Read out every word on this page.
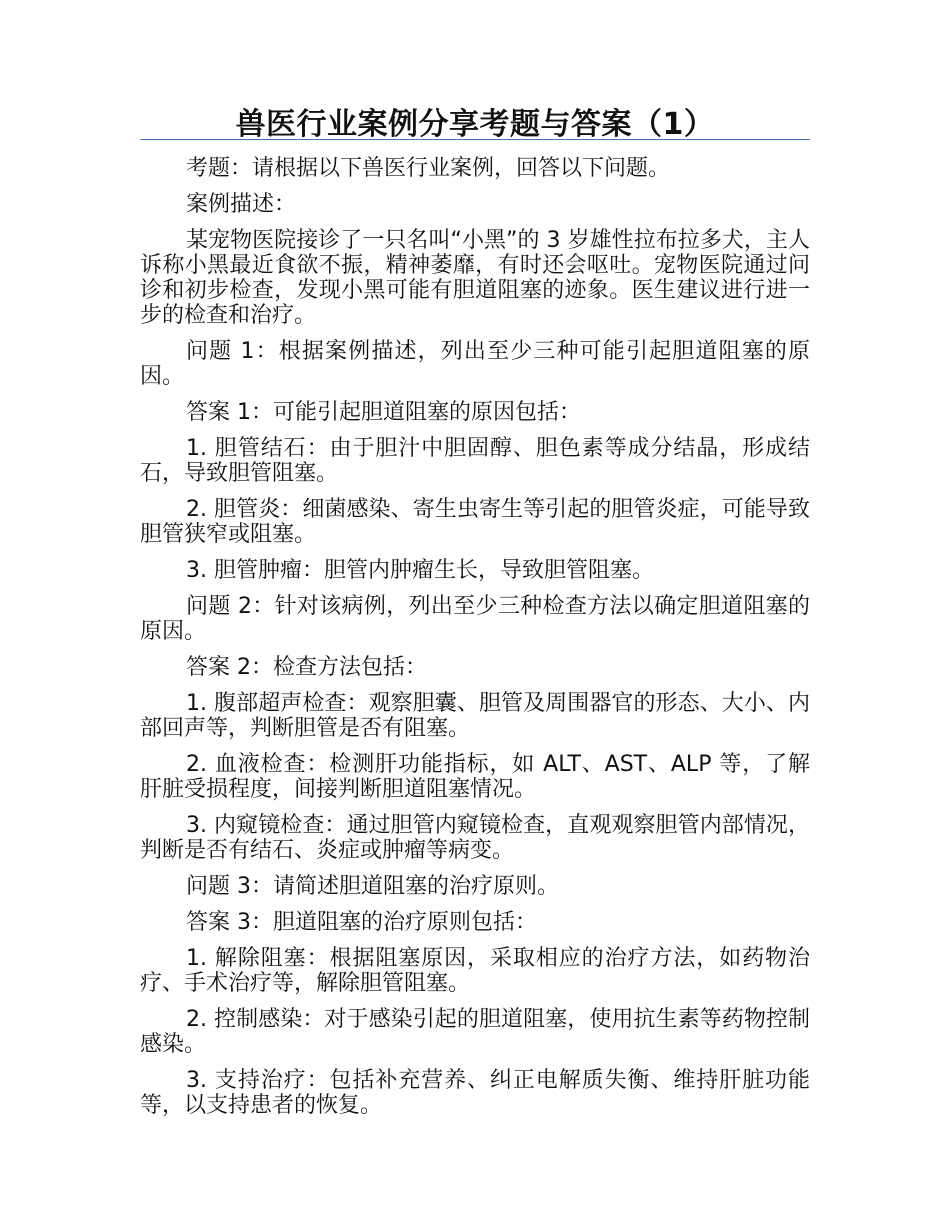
兽医行业案例分享考题与答案（1）

考题：请根据以下兽医行业案例，回答以下问题。

案例描述：

某宠物医院接诊了一只名叫“小黑”的 3 岁雄性拉布拉多犬，主人诉称小黑最近食欲不振，精神萎靡，有时还会呕吐。宠物医院通过问诊和初步检查，发现小黑可能有胆道阻塞的迹象。医生建议进行进一步的检查和治疗。

问题 1：根据案例描述，列出至少三种可能引起胆道阻塞的原因。

答案 1：可能引起胆道阻塞的原因包括：

1. 胆管结石：由于胆汁中胆固醇、胆色素等成分结晶，形成结石，导致胆管阻塞。

2. 胆管炎：细菌感染、寄生虫寄生等引起的胆管炎症，可能导致胆管狭窄或阻塞。

3. 胆管肿瘤：胆管内肿瘤生长，导致胆管阻塞。

问题 2：针对该病例，列出至少三种检查方法以确定胆道阻塞的原因。

答案 2：检查方法包括：

1. 腹部超声检查：观察胆囊、胆管及周围器官的形态、大小、内部回声等，判断胆管是否有阻塞。

2. 血液检查：检测肝功能指标，如 ALT、AST、ALP 等，了解肝脏受损程度，间接判断胆道阻塞情况。

3. 内窥镜检查：通过胆管内窥镜检查，直观观察胆管内部情况，判断是否有结石、炎症或肿瘤等病变。

问题 3：请简述胆道阻塞的治疗原则。

答案 3：胆道阻塞的治疗原则包括：

1. 解除阻塞：根据阻塞原因，采取相应的治疗方法，如药物治疗、手术治疗等，解除胆管阻塞。

2. 控制感染：对于感染引起的胆道阻塞，使用抗生素等药物控制感染。

3. 支持治疗：包括补充营养、纠正电解质失衡、维持肝脏功能等，以支持患者的恢复。
